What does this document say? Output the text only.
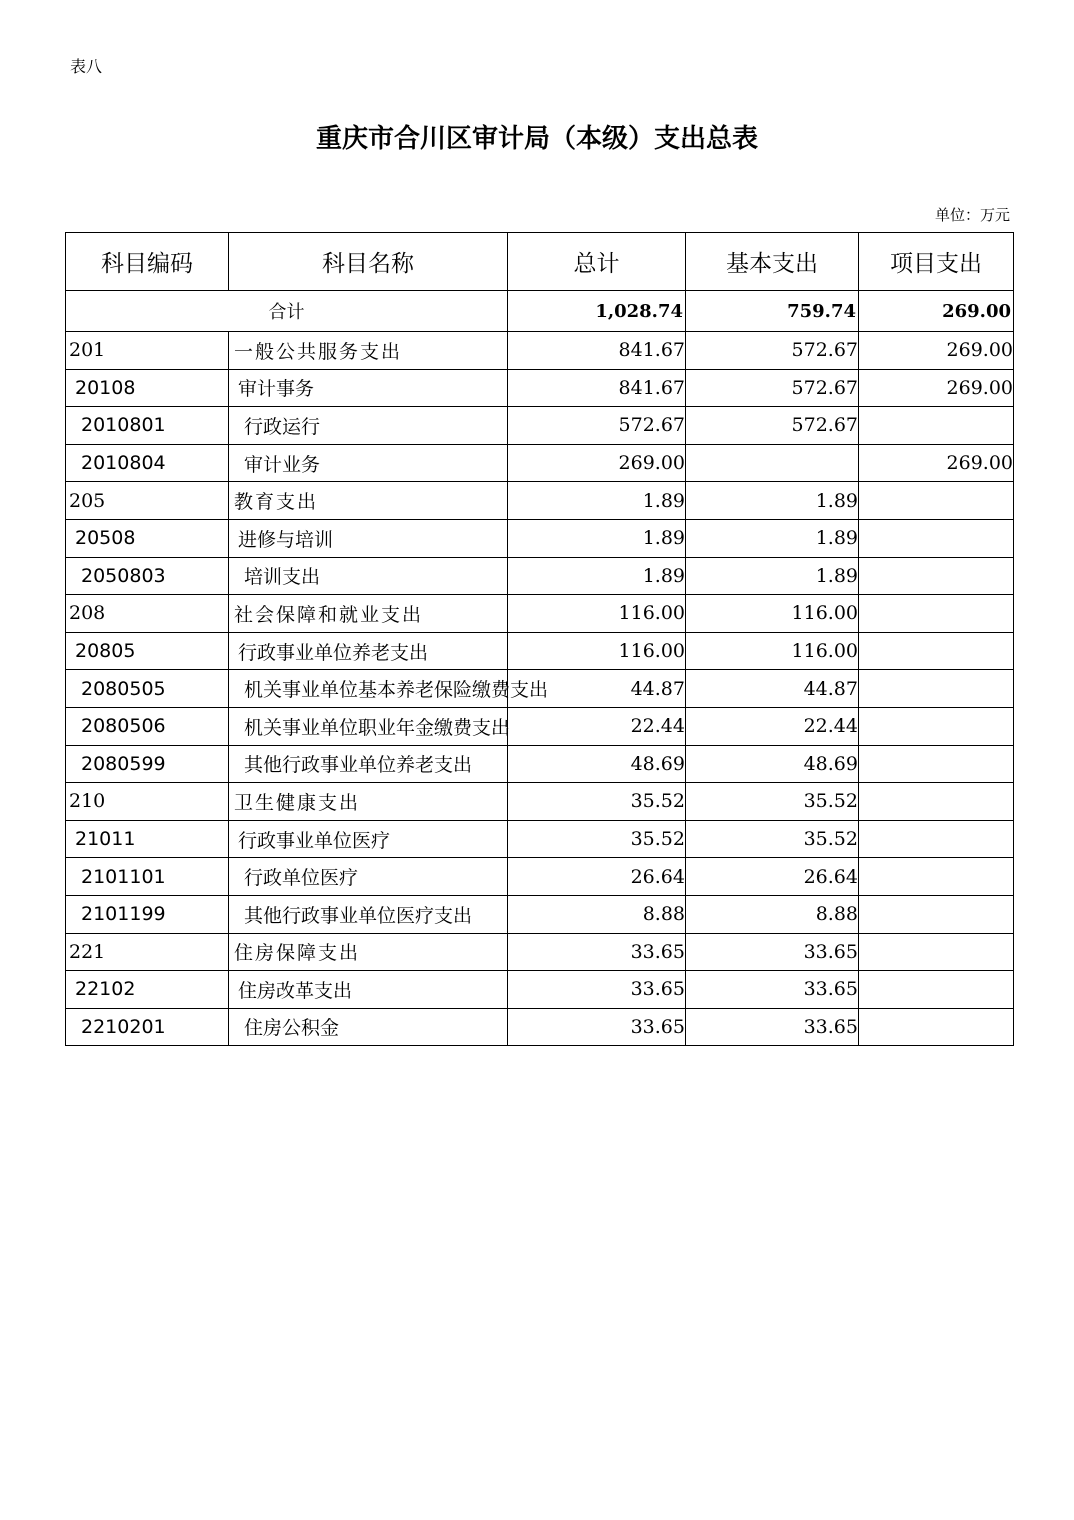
表八
重庆市合川区审计局（本级）支出总表
单位：万元
科目编码	科目名称	总计	基本支出	项目支出
合计		1,028.74	759.74	269.00
201	一般公共服务支出	841.67	572.67	269.00
20108	审计事务	841.67	572.67	269.00
2010801	行政运行	572.67	572.67	
2010804	审计业务	269.00		269.00
205	教育支出	1.89	1.89	
20508	进修与培训	1.89	1.89	
2050803	培训支出	1.89	1.89	
208	社会保障和就业支出	116.00	116.00	
20805	行政事业单位养老支出	116.00	116.00	
2080505	机关事业单位基本养老保险缴费支出	44.87	44.87	
2080506	机关事业单位职业年金缴费支出	22.44	22.44	
2080599	其他行政事业单位养老支出	48.69	48.69	
210	卫生健康支出	35.52	35.52	
21011	行政事业单位医疗	35.52	35.52	
2101101	行政单位医疗	26.64	26.64	
2101199	其他行政事业单位医疗支出	8.88	8.88	
221	住房保障支出	33.65	33.65	
22102	住房改革支出	33.65	33.65	
2210201	住房公积金	33.65	33.65	
